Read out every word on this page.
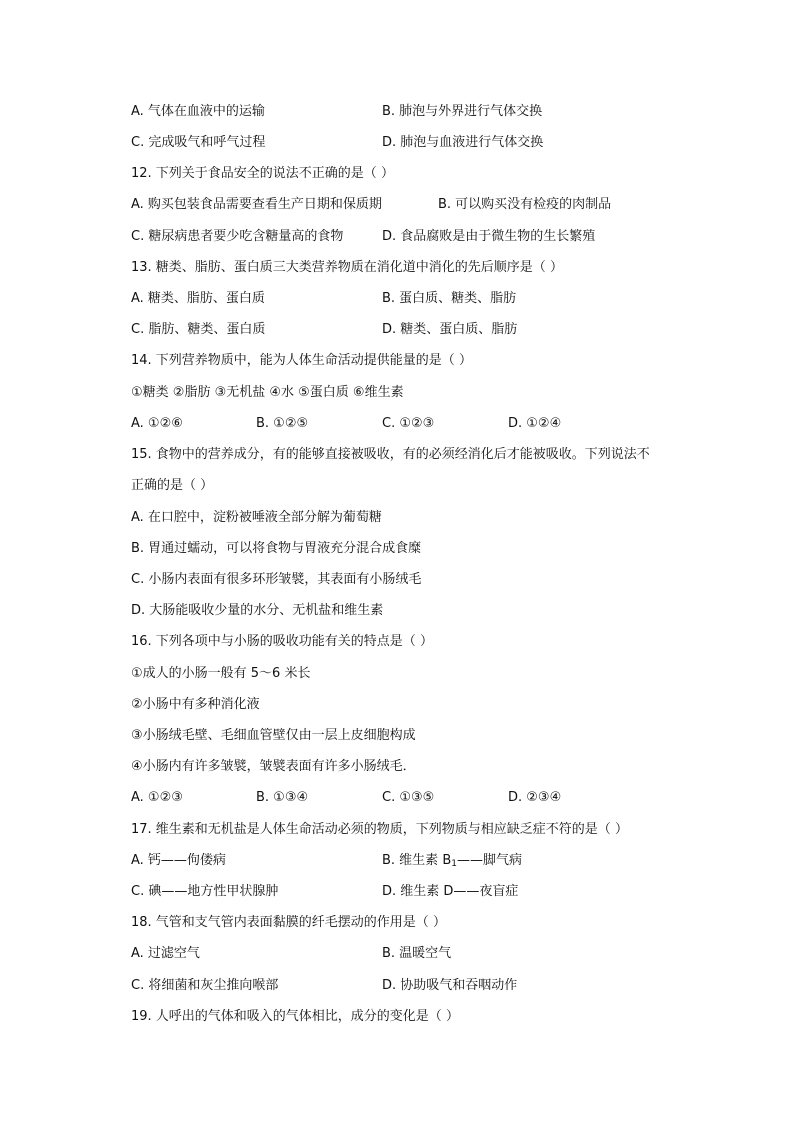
A. 气体在血液中的运输	B. 肺泡与外界进行气体交换
C. 完成吸气和呼气过程	D. 肺泡与血液进行气体交换
12. 下列关于食品安全的说法不正确的是（ ）
A. 购买包装食品需要查看生产日期和保质期	B. 可以购买没有检疫的肉制品
C. 糖尿病患者要少吃含糖量高的食物	D. 食品腐败是由于微生物的生长繁殖
13. 糖类、脂肪、蛋白质三大类营养物质在消化道中消化的先后顺序是（ ）
A. 糖类、脂肪、蛋白质	B. 蛋白质、糖类、脂肪
C. 脂肪、糖类、蛋白质	D. 糖类、蛋白质、脂肪
14. 下列营养物质中，能为人体生命活动提供能量的是（ ）
①糖类 ②脂肪 ③无机盐 ④水 ⑤蛋白质 ⑥维生素
A. ①②⑥	B. ①②⑤	C. ①②③	D. ①②④
15. 食物中的营养成分，有的能够直接被吸收，有的必须经消化后才能被吸收。下列说法不
正确的是（ ）
A. 在口腔中，淀粉被唾液全部分解为葡萄糖
B. 胃通过蠕动，可以将食物与胃液充分混合成食糜
C. 小肠内表面有很多环形皱襞，其表面有小肠绒毛
D. 大肠能吸收少量的水分、无机盐和维生素
16. 下列各项中与小肠的吸收功能有关的特点是（ ）
①成人的小肠一般有 5～6 米长
②小肠中有多种消化液
③小肠绒毛壁、毛细血管壁仅由一层上皮细胞构成
④小肠内有许多皱襞，皱襞表面有许多小肠绒毛．
A. ①②③	B. ①③④	C. ①③⑤	D. ②③④
17. 维生素和无机盐是人体生命活动必须的物质，下列物质与相应缺乏症不符的是（ ）
A. 钙——佝偻病	B. 维生素 $B_1——$脚气病
C. 碘——地方性甲状腺肿	D. 维生素 D——夜盲症
18. 气管和支气管内表面黏膜的纤毛摆动的作用是（ ）
A. 过滤空气	B. 温暖空气
C. 将细菌和灰尘推向喉部	D. 协助吸气和吞咽动作
19. 人呼出的气体和吸入的气体相比，成分的变化是（ ）
